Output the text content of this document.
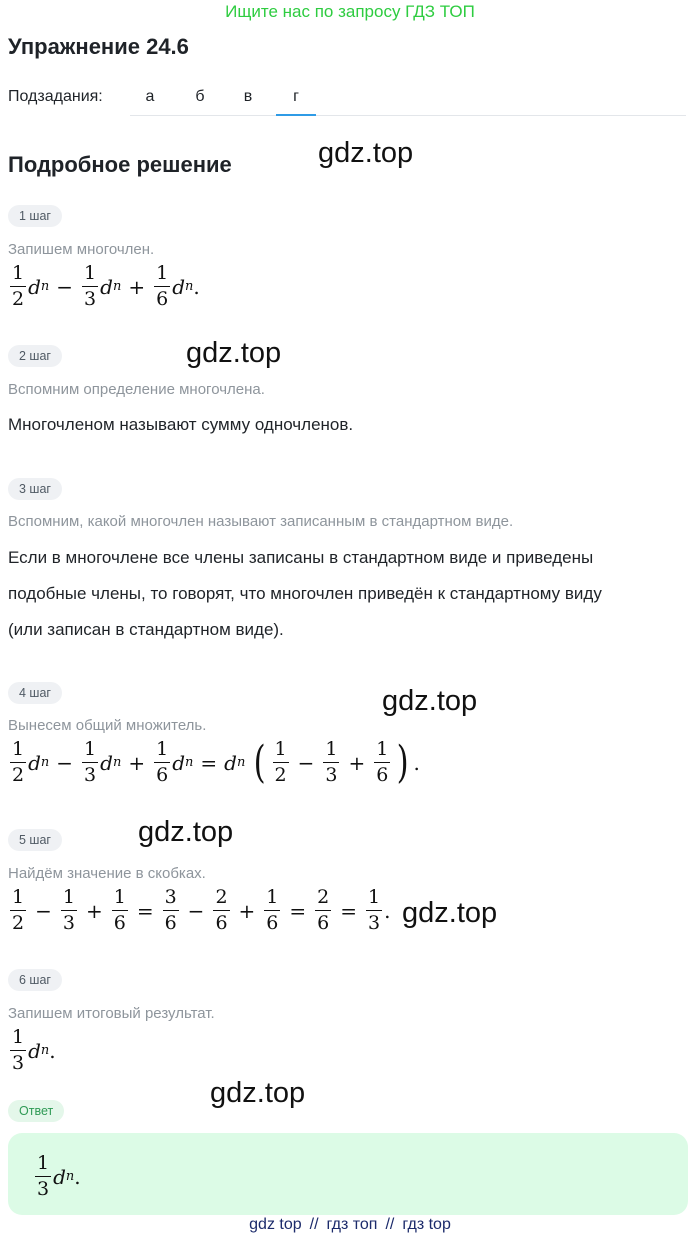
Ищите нас по запросу ГДЗ ТОП
Упражнение 24.6
Подзадания:	а	б	в	г
Подробное решение	gdz.top
gdz.top
gdz.top
gdz.top
gdz.top
gdz.top
1 шаг
Запишем многочлен.
$\frac{1}{2}$ d $n - \frac{1}{3}$ d $n + \frac{1}{6}$ d n .
2 шаг
Вспомним определение многочлена.
Многочленом называют сумму одночленов.
3 шаг
Вспомним, какой многочлен называют записанным в стандартном виде.
Если в многочлене все члены записаны в стандартном виде и приведены
подобные члены, то говорят, что многочлен приведён к стандартному виду
(или записан в стандартном виде).
4 шаг
Вынесем общий множитель.
$\frac{1}{2}$ d $n - \frac{1}{3}$ d $n + \frac{1}{6}$ d n = d n ( $\frac{1}{2} - \frac{1}{3} + \frac{1}{6}$ ) .
5 шаг
Найдём значение в скобках.
$\frac{1}{2} - \frac{1}{3} + \frac{1}{6} = \frac{3}{6} - \frac{2}{6} + \frac{1}{6} = \frac{2}{6} = \frac{1}{3}$ .
6 шаг
Запишем итоговый результат.
$\frac{1}{3}$ d n .
Ответ
$\frac{1}{3}$ d n .
gdz top // гдз топ // гдз top
